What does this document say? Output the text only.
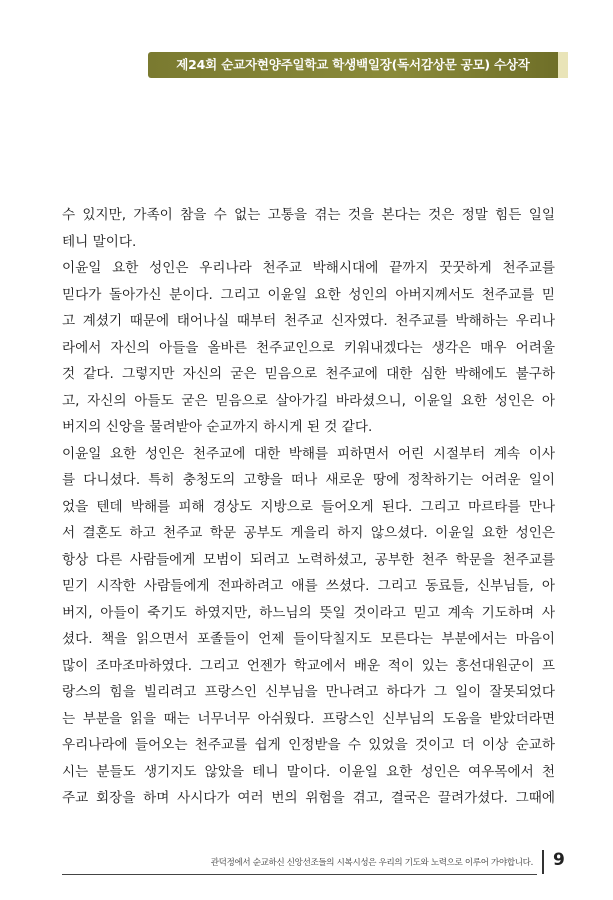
제24회 순교자현양주일학교 학생백일장(독서감상문 공모) 수상작
수 있지만, 가족이 참을 수 없는 고통을 겪는 것을 본다는 것은 정말 힘든 일일
테니 말이다.
이윤일 요한 성인은 우리나라 천주교 박해시대에 끝까지 꿋꿋하게 천주교를
믿다가 돌아가신 분이다. 그리고 이윤일 요한 성인의 아버지께서도 천주교를 믿
고 계셨기 때문에 태어나실 때부터 천주교 신자였다. 천주교를 박해하는 우리나
라에서 자신의 아들을 올바른 천주교인으로 키워내겠다는 생각은 매우 어려울
것 같다. 그렇지만 자신의 굳은 믿음으로 천주교에 대한 심한 박해에도 불구하
고, 자신의 아들도 굳은 믿음으로 살아가길 바라셨으니, 이윤일 요한 성인은 아
버지의 신앙을 물려받아 순교까지 하시게 된 것 같다.
이윤일 요한 성인은 천주교에 대한 박해를 피하면서 어린 시절부터 계속 이사
를 다니셨다. 특히 충청도의 고향을 떠나 새로운 땅에 정착하기는 어려운 일이
었을 텐데 박해를 피해 경상도 지방으로 들어오게 된다. 그리고 마르타를 만나
서 결혼도 하고 천주교 학문 공부도 게을리 하지 않으셨다. 이윤일 요한 성인은
항상 다른 사람들에게 모범이 되려고 노력하셨고, 공부한 천주 학문을 천주교를
믿기 시작한 사람들에게 전파하려고 애를 쓰셨다. 그리고 동료들, 신부님들, 아
버지, 아들이 죽기도 하였지만, 하느님의 뜻일 것이라고 믿고 계속 기도하며 사
셨다. 책을 읽으면서 포졸들이 언제 들이닥칠지도 모른다는 부분에서는 마음이
많이 조마조마하였다. 그리고 언젠가 학교에서 배운 적이 있는 흥선대원군이 프
랑스의 힘을 빌리려고 프랑스인 신부님을 만나려고 하다가 그 일이 잘못되었다
는 부분을 읽을 때는 너무너무 아쉬웠다. 프랑스인 신부님의 도움을 받았더라면
우리나라에 들어오는 천주교를 쉽게 인정받을 수 있었을 것이고 더 이상 순교하
시는 분들도 생기지도 않았을 테니 말이다. 이윤일 요한 성인은 여우목에서 천
주교 회장을 하며 사시다가 여러 번의 위험을 겪고, 결국은 끌려가셨다. 그때에
관덕정에서 순교하신 신앙선조들의 시복시성은 우리의 기도와 노력으로 이루어 가야합니다. 9
